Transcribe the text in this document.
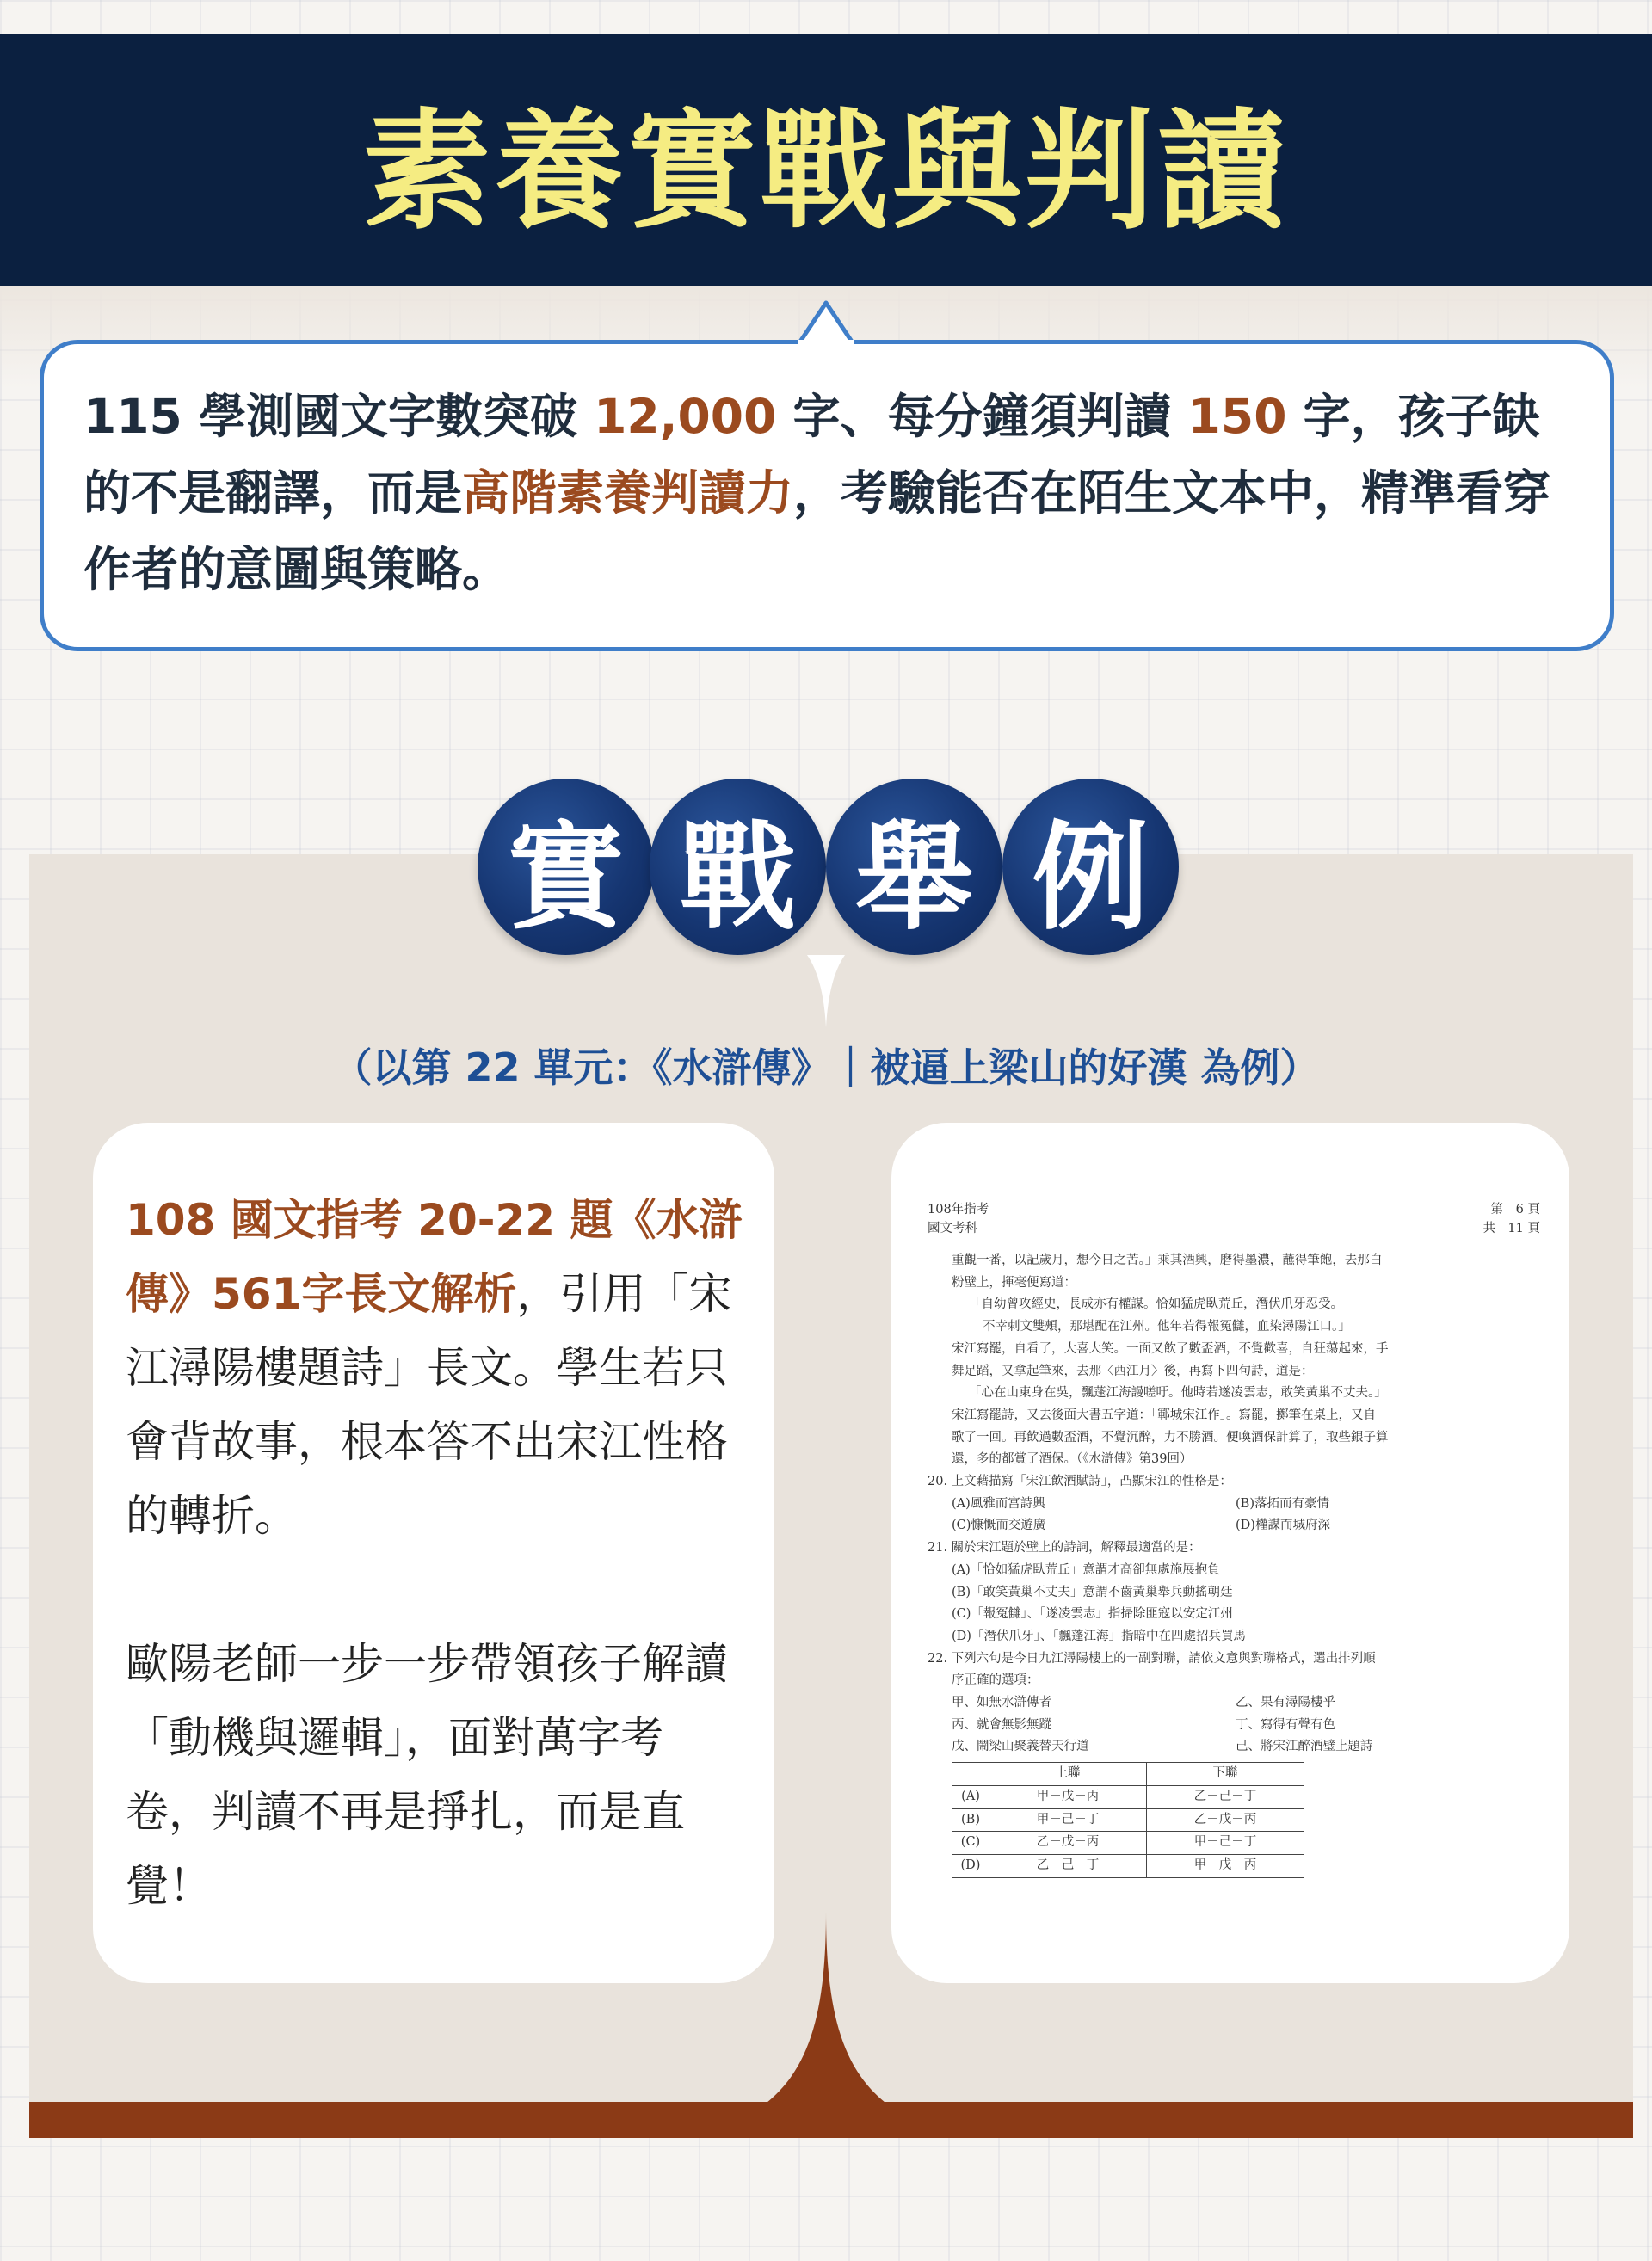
素養實戰與判讀
115 學測國文字數突破 12,000 字、每分鐘須判讀 150 字，孩子缺的不是翻譯，而是高階素養判讀力，考驗能否在陌生文本中，精準看穿作者的意圖與策略。
實 戰 舉 例
（以第 22 單元：《水滸傳》｜被逼上梁山的好漢 為例）
108 國文指考 20-22 題《水滸傳》561字長文解析，引用「宋江潯陽樓題詩」長文。學生若只會背故事，根本答不出宋江性格的轉折。
歐陽老師一步一步帶領孩子解讀「動機與邏輯」，面對萬字考卷，判讀不再是掙扎，而是直覺！
108年指考
國文考科
第　6 頁
共　11 頁
重觀一番，以記歲月，想今日之苦。」乘其酒興，磨得墨濃，蘸得筆飽，去那白
粉壁上，揮毫便寫道：
「自幼曾攻經史，長成亦有權謀。恰如猛虎臥荒丘，潛伏爪牙忍受。
不幸刺文雙頰，那堪配在江州。他年若得報冤讎，血染潯陽江口。」
宋江寫罷，自看了，大喜大笑。一面又飲了數盃酒，不覺歡喜，自狂蕩起來，手
舞足蹈，又拿起筆來，去那〈西江月〉後，再寫下四句詩，道是：
「心在山東身在吳，飄蓬江海謾嗟吁。他時若遂凌雲志，敢笑黃巢不丈夫。」
宋江寫罷詩，又去後面大書五字道：「鄆城宋江作」。寫罷，擲筆在桌上，又自
歌了一回。再飲過數盃酒，不覺沉醉，力不勝酒。便喚酒保計算了，取些銀子算
還，多的都賞了酒保。（《水滸傳》第39回）
20. 上文藉描寫「宋江飲酒賦詩」，凸顯宋江的性格是：
(A)風雅而富詩興	(B)落拓而有豪情
(C)慷慨而交遊廣	(D)權謀而城府深
21. 關於宋江題於壁上的詩詞，解釋最適當的是：
(A)「恰如猛虎臥荒丘」意謂才高卻無處施展抱負
(B)「敢笑黃巢不丈夫」意謂不齒黃巢舉兵動搖朝廷
(C)「報冤讎」、「遂凌雲志」指掃除匪寇以安定江州
(D)「潛伏爪牙」、「飄蓬江海」指暗中在四處招兵買馬
22. 下列六句是今日九江潯陽樓上的一副對聯，請依文意與對聯格式，選出排列順
序正確的選項：
甲、如無水滸傳者	乙、果有潯陽樓乎
丙、就會無影無蹤	丁、寫得有聲有色
戊、鬧梁山聚義替天行道	己、將宋江醉酒璧上題詩
	上聯	下聯
(A)	甲－戊－丙	乙－己－丁
(B)	甲－己－丁	乙－戊－丙
(C)	乙－戊－丙	甲－己－丁
(D)	乙－己－丁	甲－戊－丙
